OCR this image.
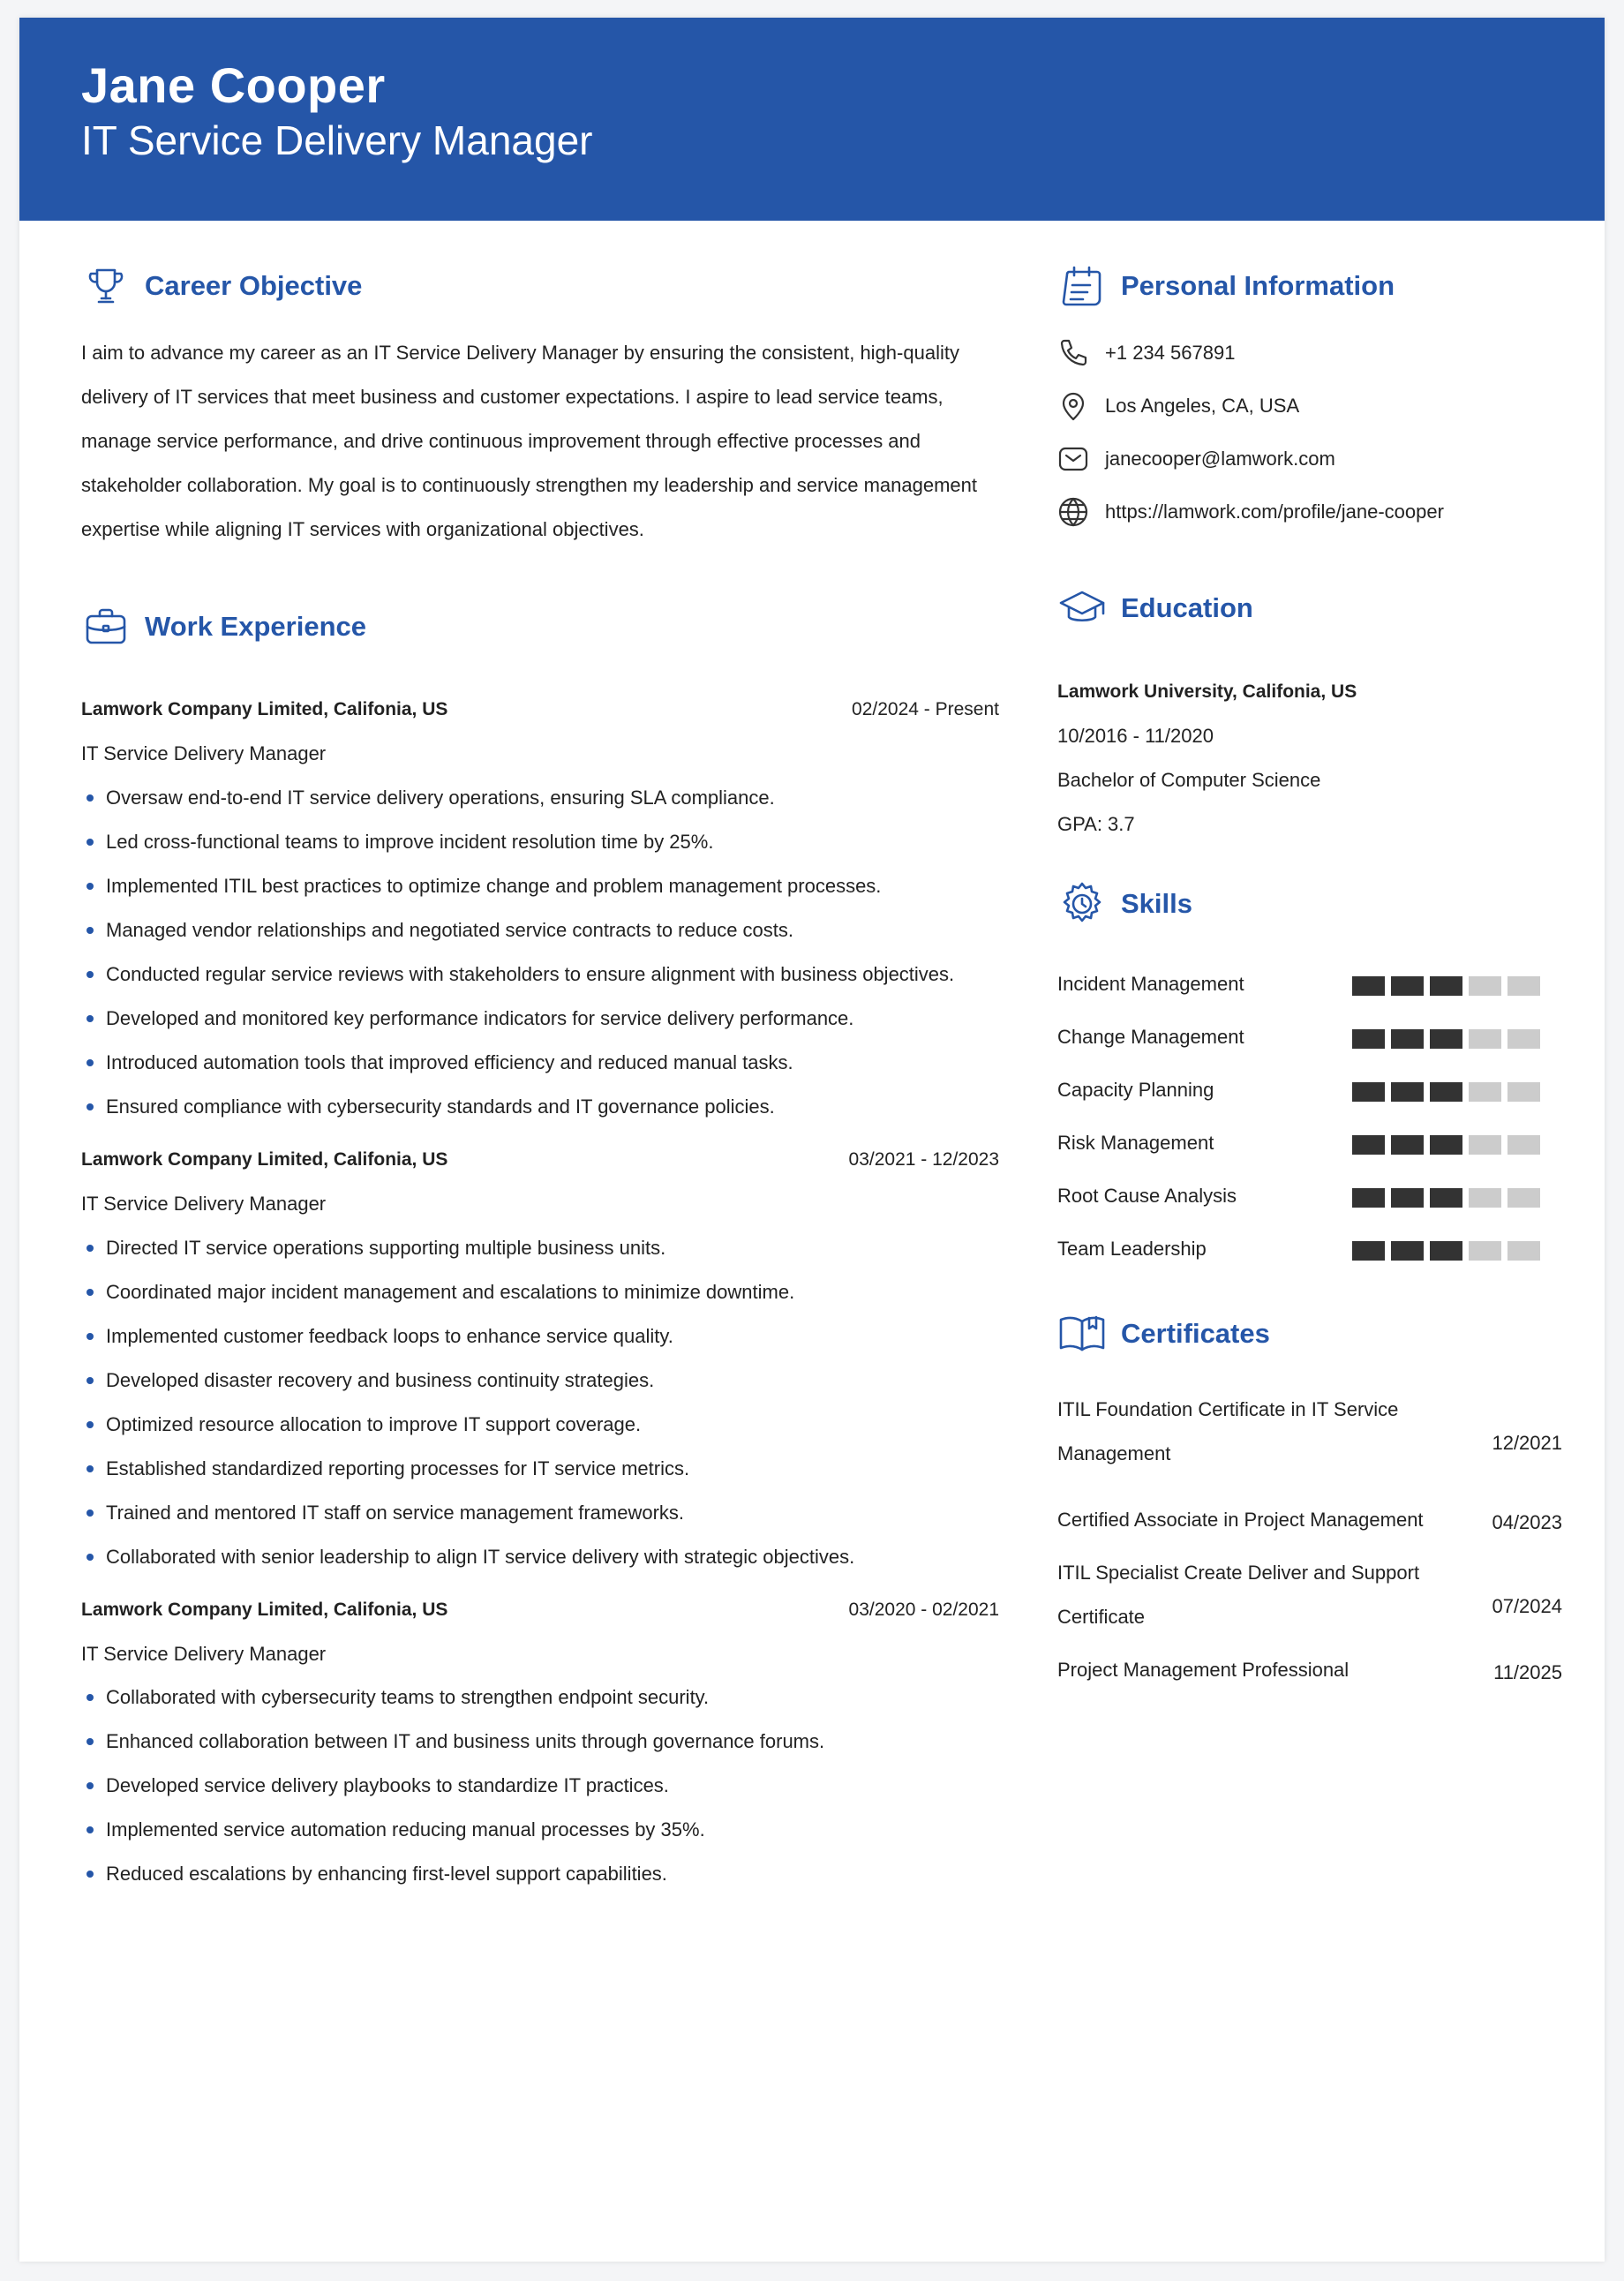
Jane Cooper
IT Service Delivery Manager
Career Objective
I aim to advance my career as an IT Service Delivery Manager by ensuring the consistent, high-quality delivery of IT services that meet business and customer expectations. I aspire to lead service teams, manage service performance, and drive continuous improvement through effective processes and stakeholder collaboration. My goal is to continuously strengthen my leadership and service management expertise while aligning IT services with organizational objectives.
Work Experience
Lamwork Company Limited, Califonia, US	02/2024 - Present
IT Service Delivery Manager
Oversaw end-to-end IT service delivery operations, ensuring SLA compliance.
Led cross-functional teams to improve incident resolution time by 25%.
Implemented ITIL best practices to optimize change and problem management processes.
Managed vendor relationships and negotiated service contracts to reduce costs.
Conducted regular service reviews with stakeholders to ensure alignment with business objectives.
Developed and monitored key performance indicators for service delivery performance.
Introduced automation tools that improved efficiency and reduced manual tasks.
Ensured compliance with cybersecurity standards and IT governance policies.
Lamwork Company Limited, Califonia, US	03/2021 - 12/2023
IT Service Delivery Manager
Directed IT service operations supporting multiple business units.
Coordinated major incident management and escalations to minimize downtime.
Implemented customer feedback loops to enhance service quality.
Developed disaster recovery and business continuity strategies.
Optimized resource allocation to improve IT support coverage.
Established standardized reporting processes for IT service metrics.
Trained and mentored IT staff on service management frameworks.
Collaborated with senior leadership to align IT service delivery with strategic objectives.
Lamwork Company Limited, Califonia, US	03/2020 - 02/2021
IT Service Delivery Manager
Collaborated with cybersecurity teams to strengthen endpoint security.
Enhanced collaboration between IT and business units through governance forums.
Developed service delivery playbooks to standardize IT practices.
Implemented service automation reducing manual processes by 35%.
Reduced escalations by enhancing first-level support capabilities.
Personal Information
+1 234 567891
Los Angeles, CA, USA
janecooper@lamwork.com
https://lamwork.com/profile/jane-cooper
Education
Lamwork University, Califonia, US
10/2016 - 11/2020
Bachelor of Computer Science
GPA: 3.7
Skills
Incident Management
Change Management
Capacity Planning
Risk Management
Root Cause Analysis
Team Leadership
Certificates
ITIL Foundation Certificate in IT Service Management	12/2021
Certified Associate in Project Management	04/2023
ITIL Specialist Create Deliver and Support Certificate	07/2024
Project Management Professional	11/2025
